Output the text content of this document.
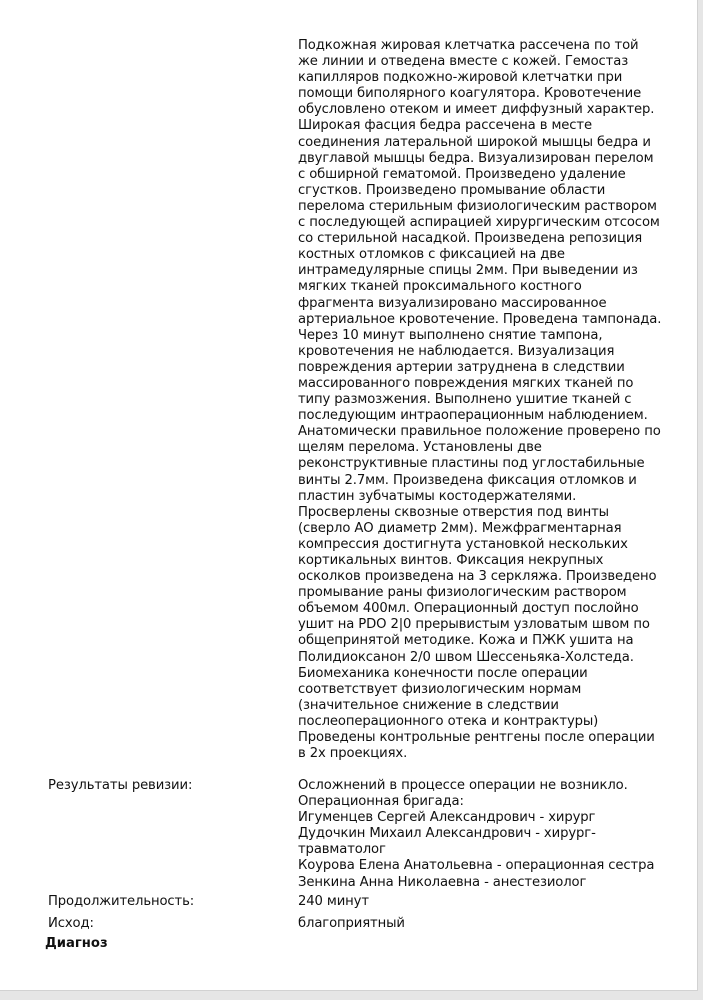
Подкожная жировая клетчатка рассечена по той
же линии и отведена вместе с кожей. Гемостаз
капилляров подкожно-жировой клетчатки при
помощи биполярного коагулятора. Кровотечение
обусловлено отеком и имеет диффузный характер.
Широкая фасция бедра рассечена в месте
соединения латеральной широкой мышцы бедра и
двуглавой мышцы бедра. Визуализирован перелом
с обширной гематомой. Произведено удаление
сгустков. Произведено промывание области
перелома стерильным физиологическим раствором
с последующей аспирацией хирургическим отсосом
со стерильной насадкой. Произведена репозиция
костных отломков с фиксацией на две
интрамедулярные спицы 2мм. При выведении из
мягких тканей проксимального костного
фрагмента визуализировано массированное
артериальное кровотечение. Проведена тампонада.
Через 10 минут выполнено снятие тампона,
кровотечения не наблюдается. Визуализация
повреждения артерии затруднена в следствии
массированного повреждения мягких тканей по
типу размозжения. Выполнено ушитие тканей с
последующим интраоперационным наблюдением.
Анатомически правильное положение проверено по
щелям перелома. Установлены две
реконструктивные пластины под углостабильные
винты 2.7мм. Произведена фиксация отломков и
пластин зубчатымы костодержателями.
Просверлены сквозные отверстия под винты
(сверло АО диаметр 2мм). Межфрагментарная
компрессия достигнута установкой нескольких
кортикальных винтов. Фиксация некрупных
осколков произведена на 3 серкляжа. Произведено
промывание раны физиологическим раствором
объемом 400мл. Операционный доступ послойно
ушит на PDO 2|0 прерывистым узловатым швом по
общепринятой методике. Кожа и ПЖК ушита на
Полидиоксанон 2/0 швом Шессеньяка-Холстеда.
Биомеханика конечности после операции
соответствует физиологическим нормам
(значительное снижение в следствии
послеоперационного отека и контрактуры)
Проведены контрольные рентгены после операции
в 2х проекциях.

Результаты ревизии:	Осложнений в процессе операции не возникло.
Операционная бригада:
Игуменцев Сергей Александрович - хирург
Дудочкин Михаил Александрович - хирург-
травматолог
Коурова Елена Анатольевна - операционная сестра
Зенкина Анна Николаевна - анестезиолог
Продолжительность:	240 минут
Исход:	благоприятный
Диагноз
